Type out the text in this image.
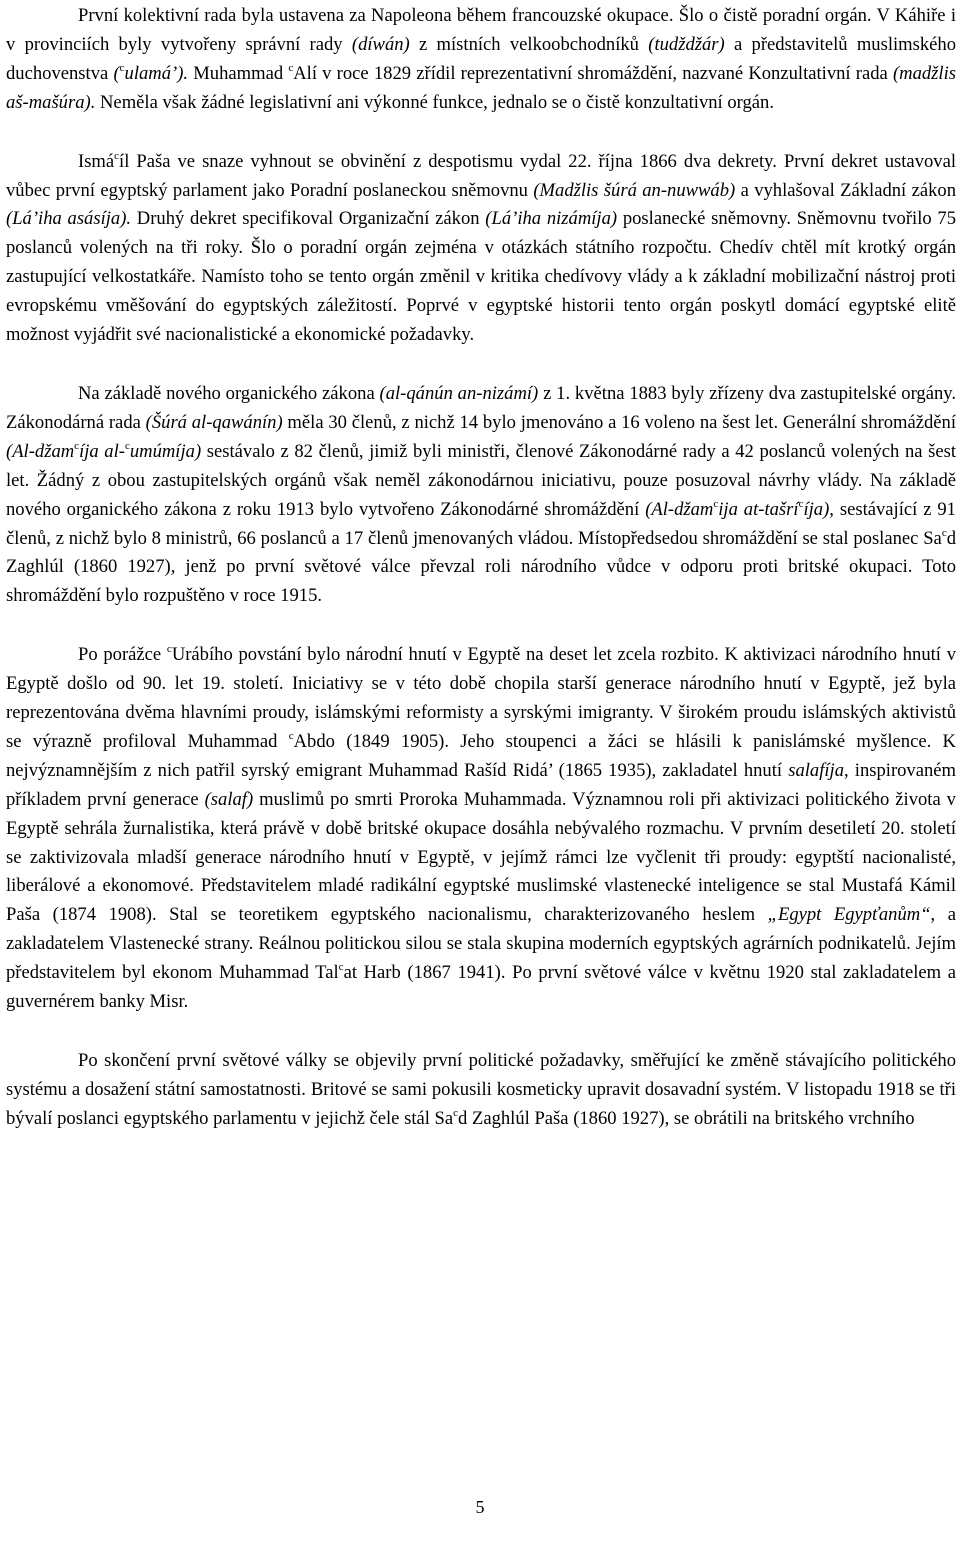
První kolektivní rada byla ustavena za Napoleona během francouzské okupace. Šlo o čistě poradní orgán. V Káhiře i v provinciích byly vytvořeny správní rady (díwán) z místních velkoobchodníků (tudždžár) a představitelů muslimského duchovenstva ($^c$ulamá’). Muhammad $^c$Alí v roce 1829 zřídil reprezentativní shromáždění, nazvané Konzultativní rada (madžlis aš-mašúra). Neměla však žádné legislativní ani výkonné funkce, jednalo se o čistě konzultativní orgán.

Ismá$^c$íl Paša ve snaze vyhnout se obvinění z despotismu vydal 22. října 1866 dva dekrety. První dekret ustavoval vůbec první egyptský parlament jako Poradní poslaneckou sněmovnu (Madžlis šúrá an-nuwwáb) a vyhlašoval Základní zákon (Lá’iha asásíja). Druhý dekret specifikoval Organizační zákon (Lá’iha nizámíja) poslanecké sněmovny. Sněmovnu tvořilo 75 poslanců volených na tři roky. Šlo o poradní orgán zejména v otázkách státního rozpočtu. Chedív chtěl mít krotký orgán zastupující velkostatkáře. Namísto toho se tento orgán změnil v kritika chedívovy vlády a k základní mobilizační nástroj proti evropskému vměšování do egyptských záležitostí. Poprvé v egyptské historii tento orgán poskytl domácí egyptské elitě možnost vyjádřit své nacionalistické a ekonomické požadavky.

Na základě nového organického zákona (al-qánún an-nizámí) z 1. května 1883 byly zřízeny dva zastupitelské orgány. Zákonodárná rada (Šúrá al-qawánín) měla 30 členů, z nichž 14 bylo jmenováno a 16 voleno na šest let. Generální shromáždění (Al-džam$^c$íja al-$^c$umúmíja) sestávalo z 82 členů, jimiž byli ministři, členové Zákonodárné rady a 42 poslanců volených na šest let. Žádný z obou zastupitelských orgánů však neměl zákonodárnou iniciativu, pouze posuzoval návrhy vlády. Na základě nového organického zákona z roku 1913 bylo vytvořeno Zákonodárné shromáždění (Al-džam$^c$ija at-tašrí$^c$íja), sestávající z 91 členů, z nichž bylo 8 ministrů, 66 poslanců a 17 členů jmenovaných vládou. Místopředsedou shromáždění se stal poslanec Sa$^c$d Zaghlúl (1860 1927), jenž po první světové válce převzal roli národního vůdce v odporu proti britské okupaci. Toto shromáždění bylo rozpuštěno v roce 1915.

Po porážce $^c$Urábího povstání bylo národní hnutí v Egyptě na deset let zcela rozbito. K aktivizaci národního hnutí v Egyptě došlo od 90. let 19. století. Iniciativy se v této době chopila starší generace národního hnutí v Egyptě, jež byla reprezentována dvěma hlavními proudy, islámskými reformisty a syrskými imigranty. V širokém proudu islámských aktivistů se výrazně profiloval Muhammad $^c$Abdo (1849 1905). Jeho stoupenci a žáci se hlásili k panislámské myšlence. K nejvýznamnějším z nich patřil syrský emigrant Muhammad Rašíd Ridá’ (1865 1935), zakladatel hnutí salafíja, inspirovaném příkladem první generace (salaf) muslimů po smrti Proroka Muhammada. Významnou roli při aktivizaci politického života v Egyptě sehrála žurnalistika, která právě v době britské okupace dosáhla nebývalého rozmachu. V prvním desetiletí 20. století se zaktivizovala mladší generace národního hnutí v Egyptě, v jejímž rámci lze vyčlenit tři proudy: egyptští nacionalisté, liberálové a ekonomové. Představitelem mladé radikální egyptské muslimské vlastenecké inteligence se stal Mustafá Kámil Paša (1874 1908). Stal se teoretikem egyptského nacionalismu, charakterizovaného heslem „Egypt Egypťanům“, a zakladatelem Vlastenecké strany. Reálnou politickou silou se stala skupina moderních egyptských agrárních podnikatelů. Jejím představitelem byl ekonom Muhammad Tal$^c$at Harb (1867 1941). Po první světové válce v květnu 1920 stal zakladatelem a guvernérem banky Misr.

Po skončení první světové války se objevily první politické požadavky, směřující ke změně stávajícího politického systému a dosažení státní samostatnosti. Britové se sami pokusili kosmeticky upravit dosavadní systém. V listopadu 1918 se tři bývalí poslanci egyptského parlamentu v jejichž čele stál Sa$^c$d Zaghlúl Paša (1860 1927), se obrátili na britského vrchního

5
